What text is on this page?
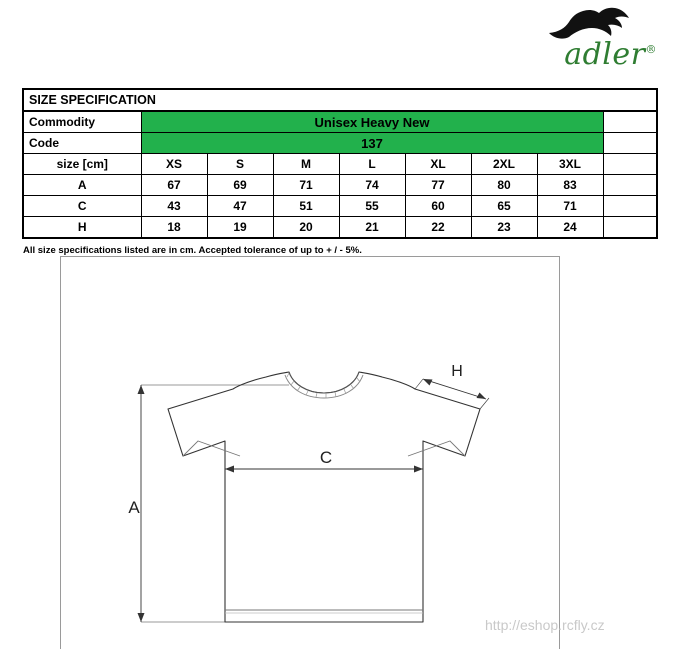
adler®
SIZE SPECIFICATION								
Commodity	Unisex Heavy New							
Code	137							
size [cm]	XS	S	M	L	XL	2XL	3XL	
A	67	69	71	74	77	80	83	
C	43	47	51	55	60	65	71	
H	18	19	20	21	22	23	24	
All size specifications listed are in cm. Accepted tolerance of up to + / - 5%.
A
C
H
http://eshop.rcfly.cz
